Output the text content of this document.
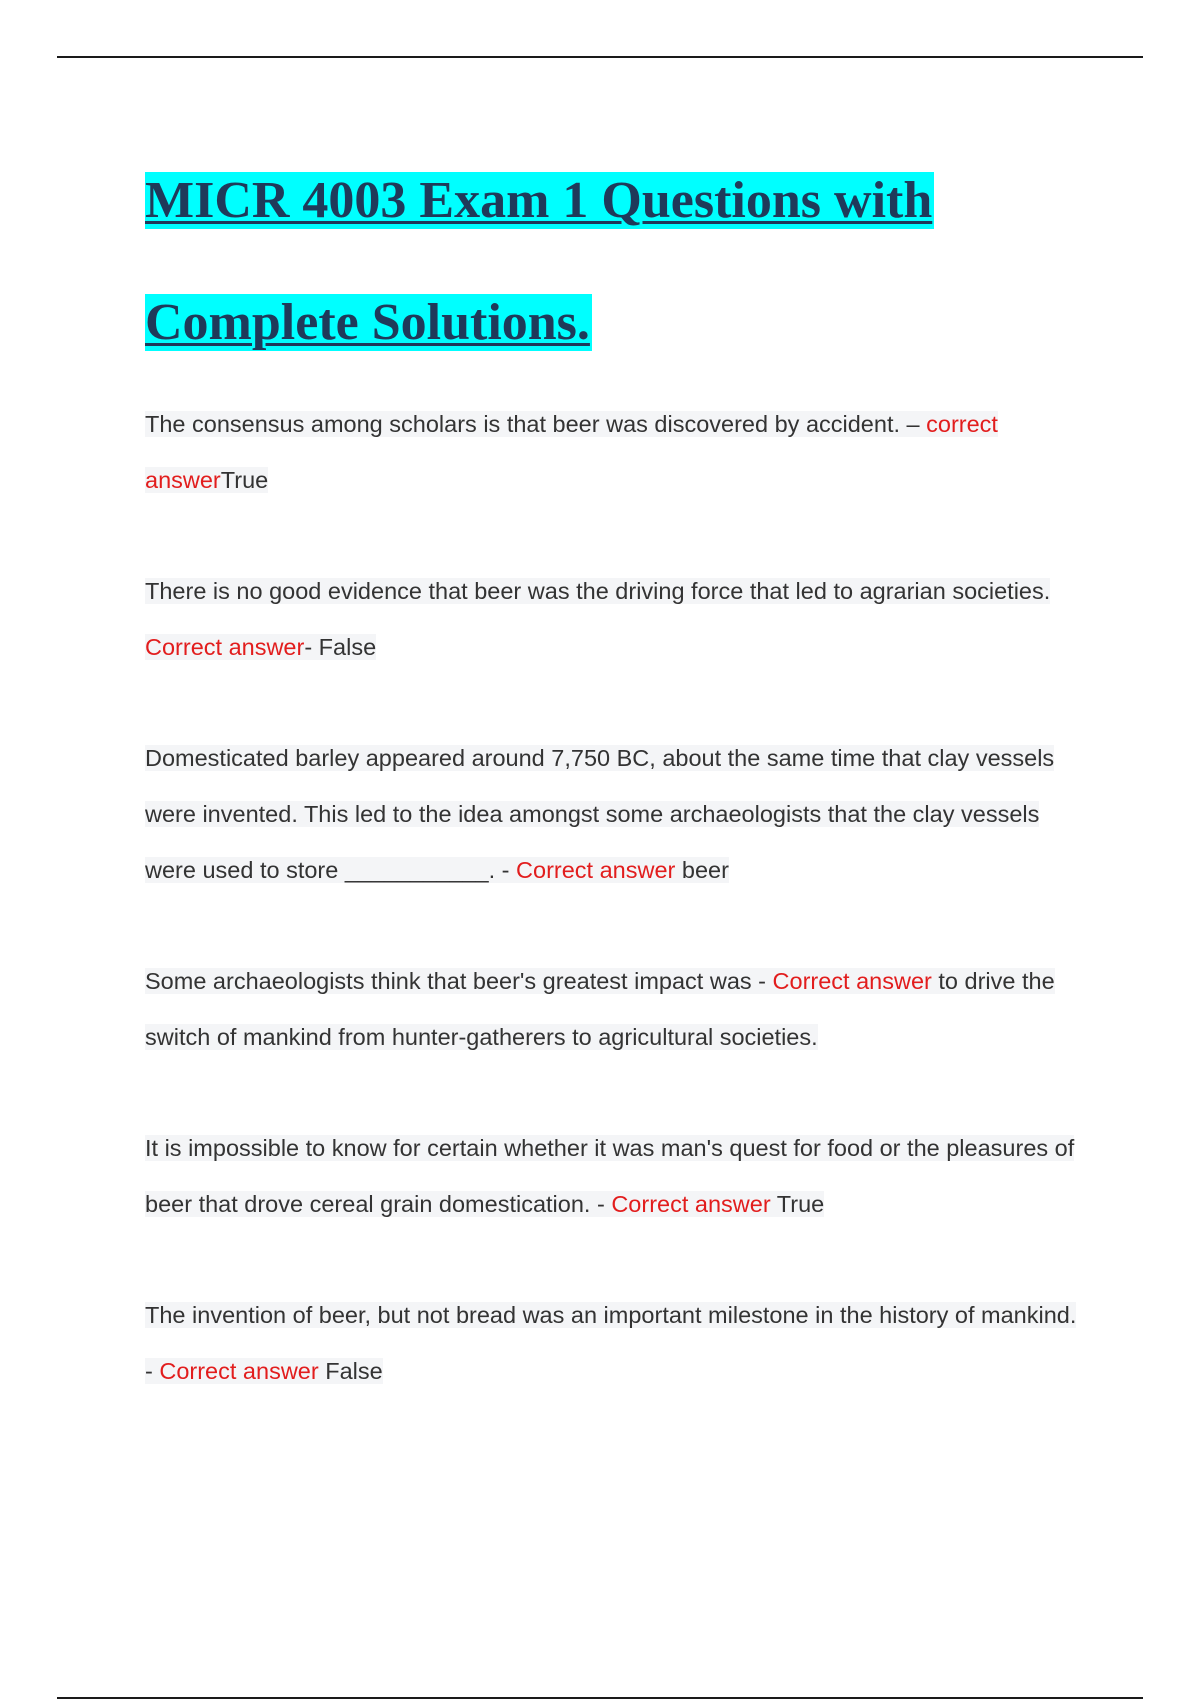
MICR 4003 Exam 1 Questions with
Complete Solutions.

The consensus among scholars is that beer was discovered by accident. – correct answerTrue

There is no good evidence that beer was the driving force that led to agrarian societies. Correct answer- False

Domesticated barley appeared around 7,750 BC, about the same time that clay vessels were invented. This led to the idea amongst some archaeologists that the clay vessels were used to store ___________. - Correct answer beer

Some archaeologists think that beer's greatest impact was - Correct answer to drive the switch of mankind from hunter-gatherers to agricultural societies.

It is impossible to know for certain whether it was man's quest for food or the pleasures of beer that drove cereal grain domestication. - Correct answer True

The invention of beer, but not bread was an important milestone in the history of mankind. - Correct answer False
